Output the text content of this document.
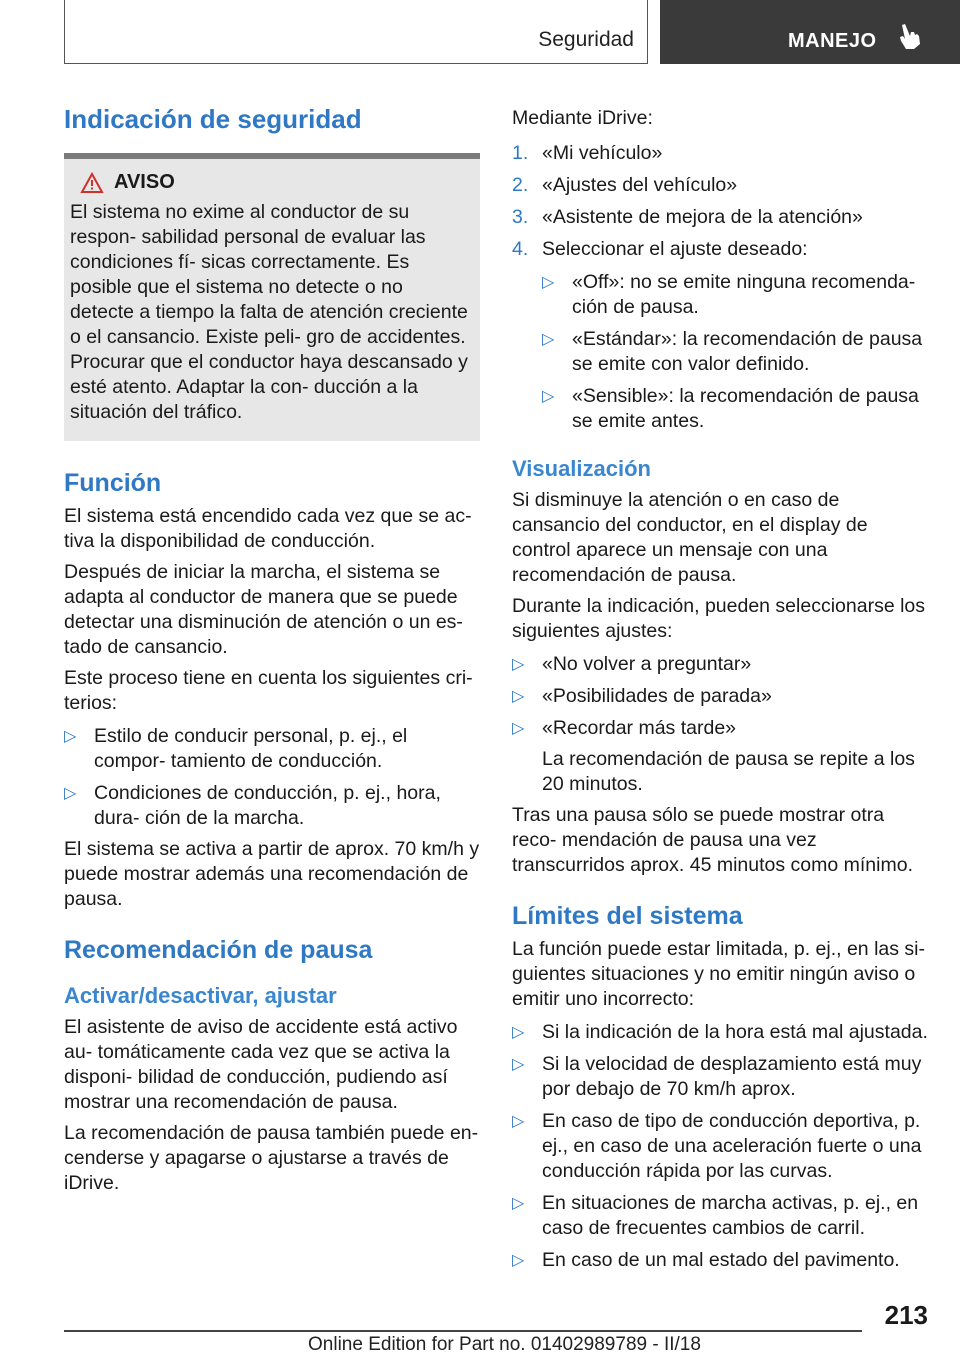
Seguridad	MANEJO
Indicación de seguridad
AVISO

El sistema no exime al conductor de su respon- sabilidad personal de evaluar las condiciones fí- sicas correctamente. Es posible que el sistema no detecte o no detecte a tiempo la falta de atención creciente o el cansancio. Existe peli- gro de accidentes. Procurar que el conductor haya descansado y esté atento. Adaptar la con- ducción a la situación del tráfico.

Función

El sistema está encendido cada vez que se ac- tiva la disponibilidad de conducción.

Después de iniciar la marcha, el sistema se adapta al conductor de manera que se puede detectar una disminución de atención o un es- tado de cansancio.

Este proceso tiene en cuenta los siguientes cri- terios:

▷ Estilo de conducir personal, p. ej., el compor- tamiento de conducción.
▷ Condiciones de conducción, p. ej., hora, dura- ción de la marcha.

El sistema se activa a partir de aprox. 70 km/h y puede mostrar además una recomendación de pausa.

Recomendación de pausa
Activar/desactivar, ajustar

El asistente de aviso de accidente está activo au- tomáticamente cada vez que se activa la disponi- bilidad de conducción, pudiendo así mostrar una recomendación de pausa.

La recomendación de pausa también puede en- cenderse y apagarse o ajustarse a través de iDrive.

Mediante iDrive:

1. «Mi vehículo»
2. «Ajustes del vehículo»
3. «Asistente de mejora de la atención»
4. Seleccionar el ajuste deseado:
▷ «Off»: no se emite ninguna recomenda- ción de pausa.
▷ «Estándar»: la recomendación de pausa se emite con valor definido.
▷ «Sensible»: la recomendación de pausa se emite antes.
Visualización

Si disminuye la atención o en caso de cansancio del conductor, en el display de control aparece un mensaje con una recomendación de pausa.

Durante la indicación, pueden seleccionarse los siguientes ajustes:

▷ «No volver a preguntar»
▷ «Posibilidades de parada»
▷ «Recordar más tarde»

La recomendación de pausa se repite a los 20 minutos.

Tras una pausa sólo se puede mostrar otra reco- mendación de pausa una vez transcurridos aprox. 45 minutos como mínimo.

Límites del sistema

La función puede estar limitada, p. ej., en las si- guientes situaciones y no emitir ningún aviso o emitir uno incorrecto:

▷ Si la indicación de la hora está mal ajustada.
▷ Si la velocidad de desplazamiento está muy por debajo de 70 km/h aprox.
▷ En caso de tipo de conducción deportiva, p. ej., en caso de una aceleración fuerte o una conducción rápida por las curvas.
▷ En situaciones de marcha activas, p. ej., en caso de frecuentes cambios de carril.
▷ En caso de un mal estado del pavimento.
213
Online Edition for Part no. 01402989789 - II/18
